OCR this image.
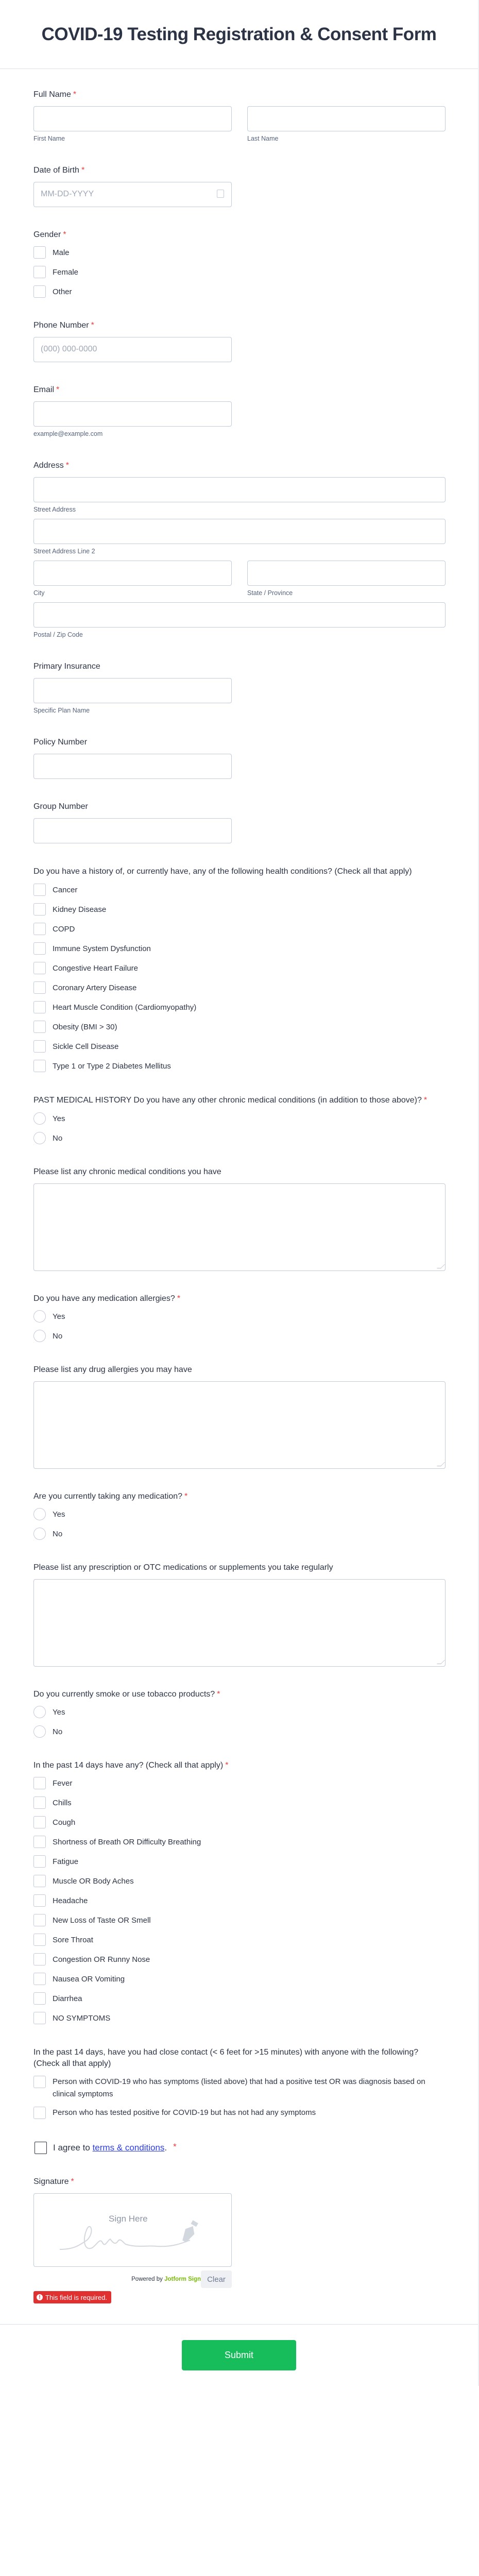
COVID-19 Testing Registration & Consent Form
Full Name *
First Name	Last Name
Date of Birth *
MM-DD-YYYY
Gender *
Male
Female
Other
Phone Number *
(000) 000-0000
Email *
example@example.com
Address *
Street Address
Street Address Line 2
City	State / Province
Postal / Zip Code
Primary Insurance
Specific Plan Name
Policy Number
Group Number
Do you have a history of, or currently have, any of the following health conditions? (Check all that apply)
Cancer
Kidney Disease
COPD
Immune System Dysfunction
Congestive Heart Failure
Coronary Artery Disease
Heart Muscle Condition (Cardiomyopathy)
Obesity (BMI > 30)
Sickle Cell Disease
Type 1 or Type 2 Diabetes Mellitus
PAST MEDICAL HISTORY Do you have any other chronic medical conditions (in addition to those above)? *
Yes
No
Please list any chronic medical conditions you have
Do you have any medication allergies? *
Yes
No
Please list any drug allergies you may have
Are you currently taking any medication? *
Yes
No
Please list any prescription or OTC medications or supplements you take regularly
Do you currently smoke or use tobacco products? *
Yes
No
In the past 14 days have any? (Check all that apply) *
Fever
Chills
Cough
Shortness of Breath OR Difficulty Breathing
Fatigue
Muscle OR Body Aches
Headache
New Loss of Taste OR Smell
Sore Throat
Congestion OR Runny Nose
Nausea OR Vomiting
Diarrhea
NO SYMPTOMS
In the past 14 days, have you had close contact (< 6 feet for >15 minutes) with anyone with the following? (Check all that apply)
Person with COVID-19 who has symptoms (listed above) that had a positive test OR was diagnosis based on clinical symptoms
Person who has tested positive for COVID-19 but has not had any symptoms
I agree to terms & conditions. *
Signature *
Sign Here
Powered by Jotform Sign Clear
! This field is required.
Submit
